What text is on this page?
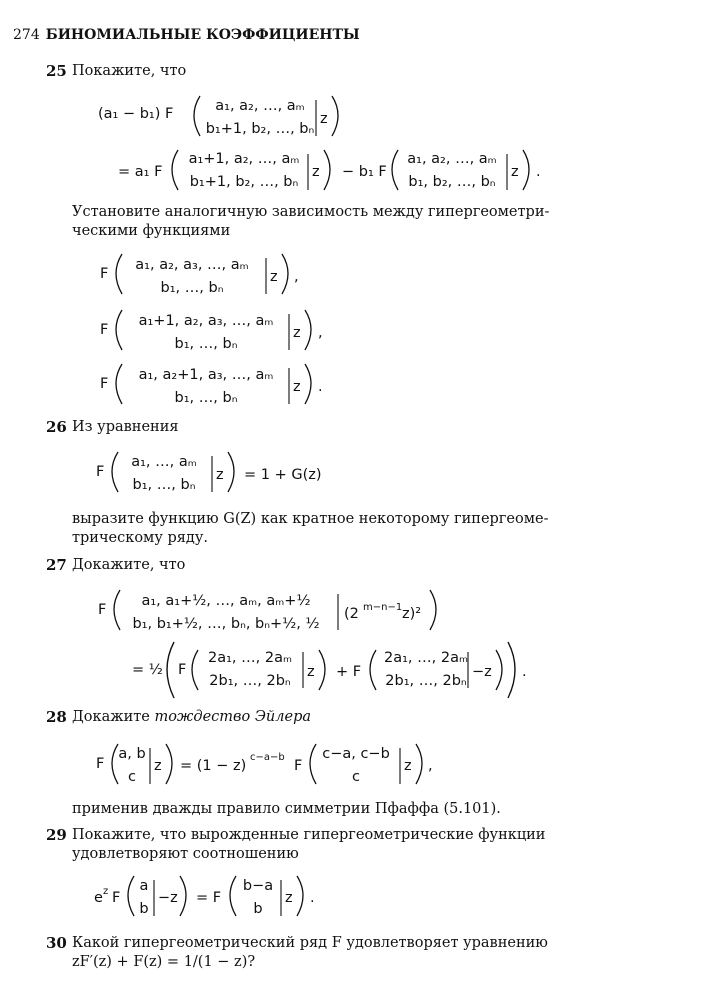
274 БИНОМИАЛЬНЫЕ КОЭФФИЦИЕНТЫ
25 Покажите, что
(a₁ − b₁) F	a₁, a₂, …, aₘ
b₁+1, b₂, …, bₙ
z
= a₁ F
a₁+1, a₂, …, aₘ
b₁+1, b₂, …, bₙ
z − b₁ F
a₁, a₂, …, aₘ
b₁, b₂, …, bₙ
z .
Установите аналогичную зависимость между гипергеометри-
ческими функциями
F
a₁, a₂, a₃, …, aₘ
b₁, …, bₙ
z ,
F
a₁+1, a₂, a₃, …, aₘ
b₁, …, bₙ
z ,
F
a₁, a₂+1, a₃, …, aₘ
b₁, …, bₙ
z .
26 Из уравнения
F
a₁, …, aₘ
b₁, …, bₙ
z = 1 + G(z)
выразите функцию G(Z) как кратное некоторому гипергеоме-
трическому ряду.
27 Докажите, что
F
a₁, a₁+½, …, aₘ, aₘ+½
b₁, b₁+½, …, bₙ, bₙ+½, ½
(2 m−n−1 z)²
= ½ F
2a₁, …, 2aₘ
2b₁, …, 2bₙ
z + F
2a₁, …, 2aₘ
2b₁, …, 2bₙ
−z .
28 Докажите тождество Эйлера
F
a, b
c
z = (1 − z)
c−a−b
F
c−a, c−b
c
z ,
применив дважды правило симметрии Пфаффа (5.101).
29 Покажите, что вырожденные гипергеометрические функции
удовлетворяют соотношению
e z F
a
b
−z = F
b−a
b
z .
30 Какой гипергеометрический ряд F удовлетворяет уравнению
zF′(z) + F(z) = 1/(1 − z)?
